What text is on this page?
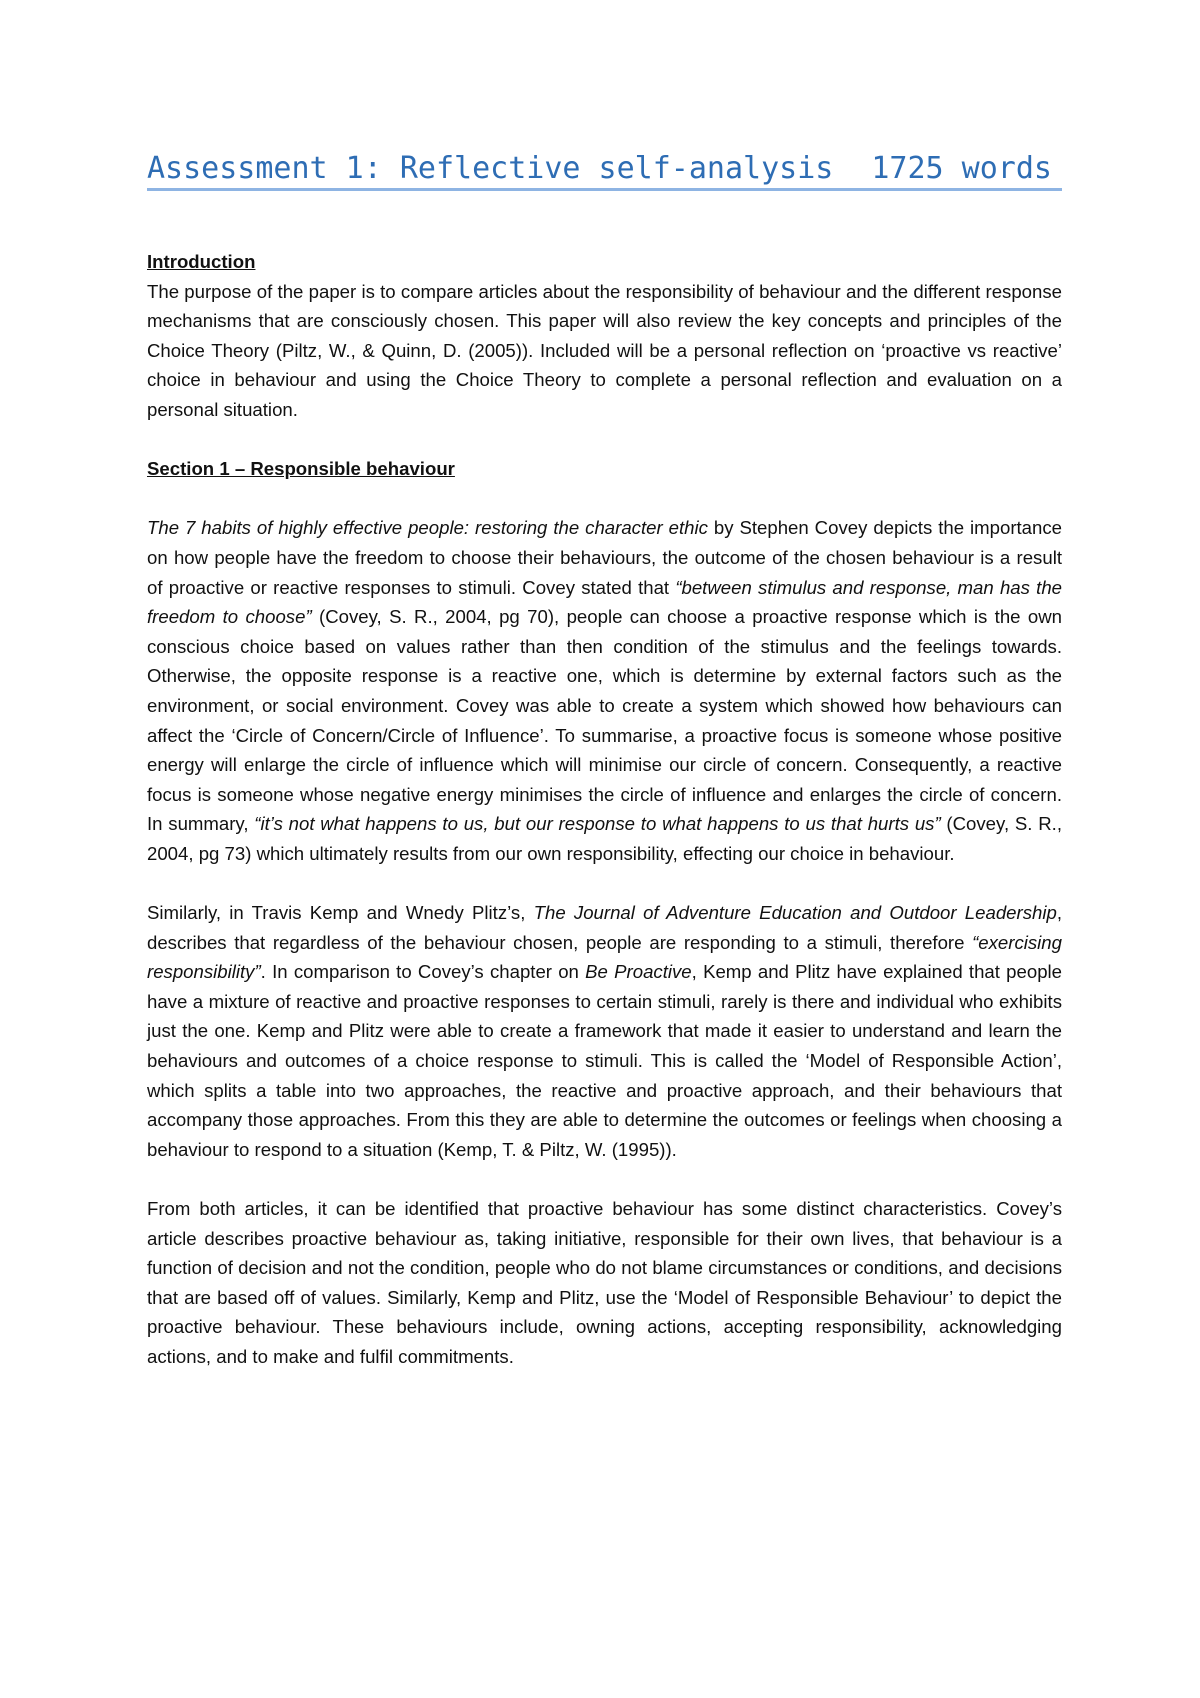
Assessment 1: Reflective self-analysis 1725 words

Introduction

The purpose of the paper is to compare articles about the responsibility of behaviour and the different response mechanisms that are consciously chosen. This paper will also review the key concepts and principles of the Choice Theory (Piltz, W., & Quinn, D. (2005)). Included will be a personal reflection on ‘proactive vs reactive’ choice in behaviour and using the Choice Theory to complete a personal reflection and evaluation on a personal situation.

Section 1 – Responsible behaviour

The 7 habits of highly effective people: restoring the character ethic by Stephen Covey depicts the importance on how people have the freedom to choose their behaviours, the outcome of the chosen behaviour is a result of proactive or reactive responses to stimuli. Covey stated that “between stimulus and response, man has the freedom to choose” (Covey, S. R., 2004, pg 70), people can choose a proactive response which is the own conscious choice based on values rather than then condition of the stimulus and the feelings towards. Otherwise, the opposite response is a reactive one, which is determine by external factors such as the environment, or social environment. Covey was able to create a system which showed how behaviours can affect the ‘Circle of Concern/Circle of Influence’. To summarise, a proactive focus is someone whose positive energy will enlarge the circle of influence which will minimise our circle of concern. Consequently, a reactive focus is someone whose negative energy minimises the circle of influence and enlarges the circle of concern. In summary, “it’s not what happens to us, but our response to what happens to us that hurts us” (Covey, S. R., 2004, pg 73) which ultimately results from our own responsibility, effecting our choice in behaviour.

Similarly, in Travis Kemp and Wnedy Plitz’s, The Journal of Adventure Education and Outdoor Leadership, describes that regardless of the behaviour chosen, people are responding to a stimuli, therefore “exercising responsibility”. In comparison to Covey’s chapter on Be Proactive, Kemp and Plitz have explained that people have a mixture of reactive and proactive responses to certain stimuli, rarely is there and individual who exhibits just the one. Kemp and Plitz were able to create a framework that made it easier to understand and learn the behaviours and outcomes of a choice response to stimuli. This is called the ‘Model of Responsible Action’, which splits a table into two approaches, the reactive and proactive approach, and their behaviours that accompany those approaches. From this they are able to determine the outcomes or feelings when choosing a behaviour to respond to a situation (Kemp, T. & Piltz, W. (1995)).

From both articles, it can be identified that proactive behaviour has some distinct characteristics. Covey’s article describes proactive behaviour as, taking initiative, responsible for their own lives, that behaviour is a function of decision and not the condition, people who do not blame circumstances or conditions, and decisions that are based off of values. Similarly, Kemp and Plitz, use the ‘Model of Responsible Behaviour’ to depict the proactive behaviour. These behaviours include, owning actions, accepting responsibility, acknowledging actions, and to make and fulfil commitments.
